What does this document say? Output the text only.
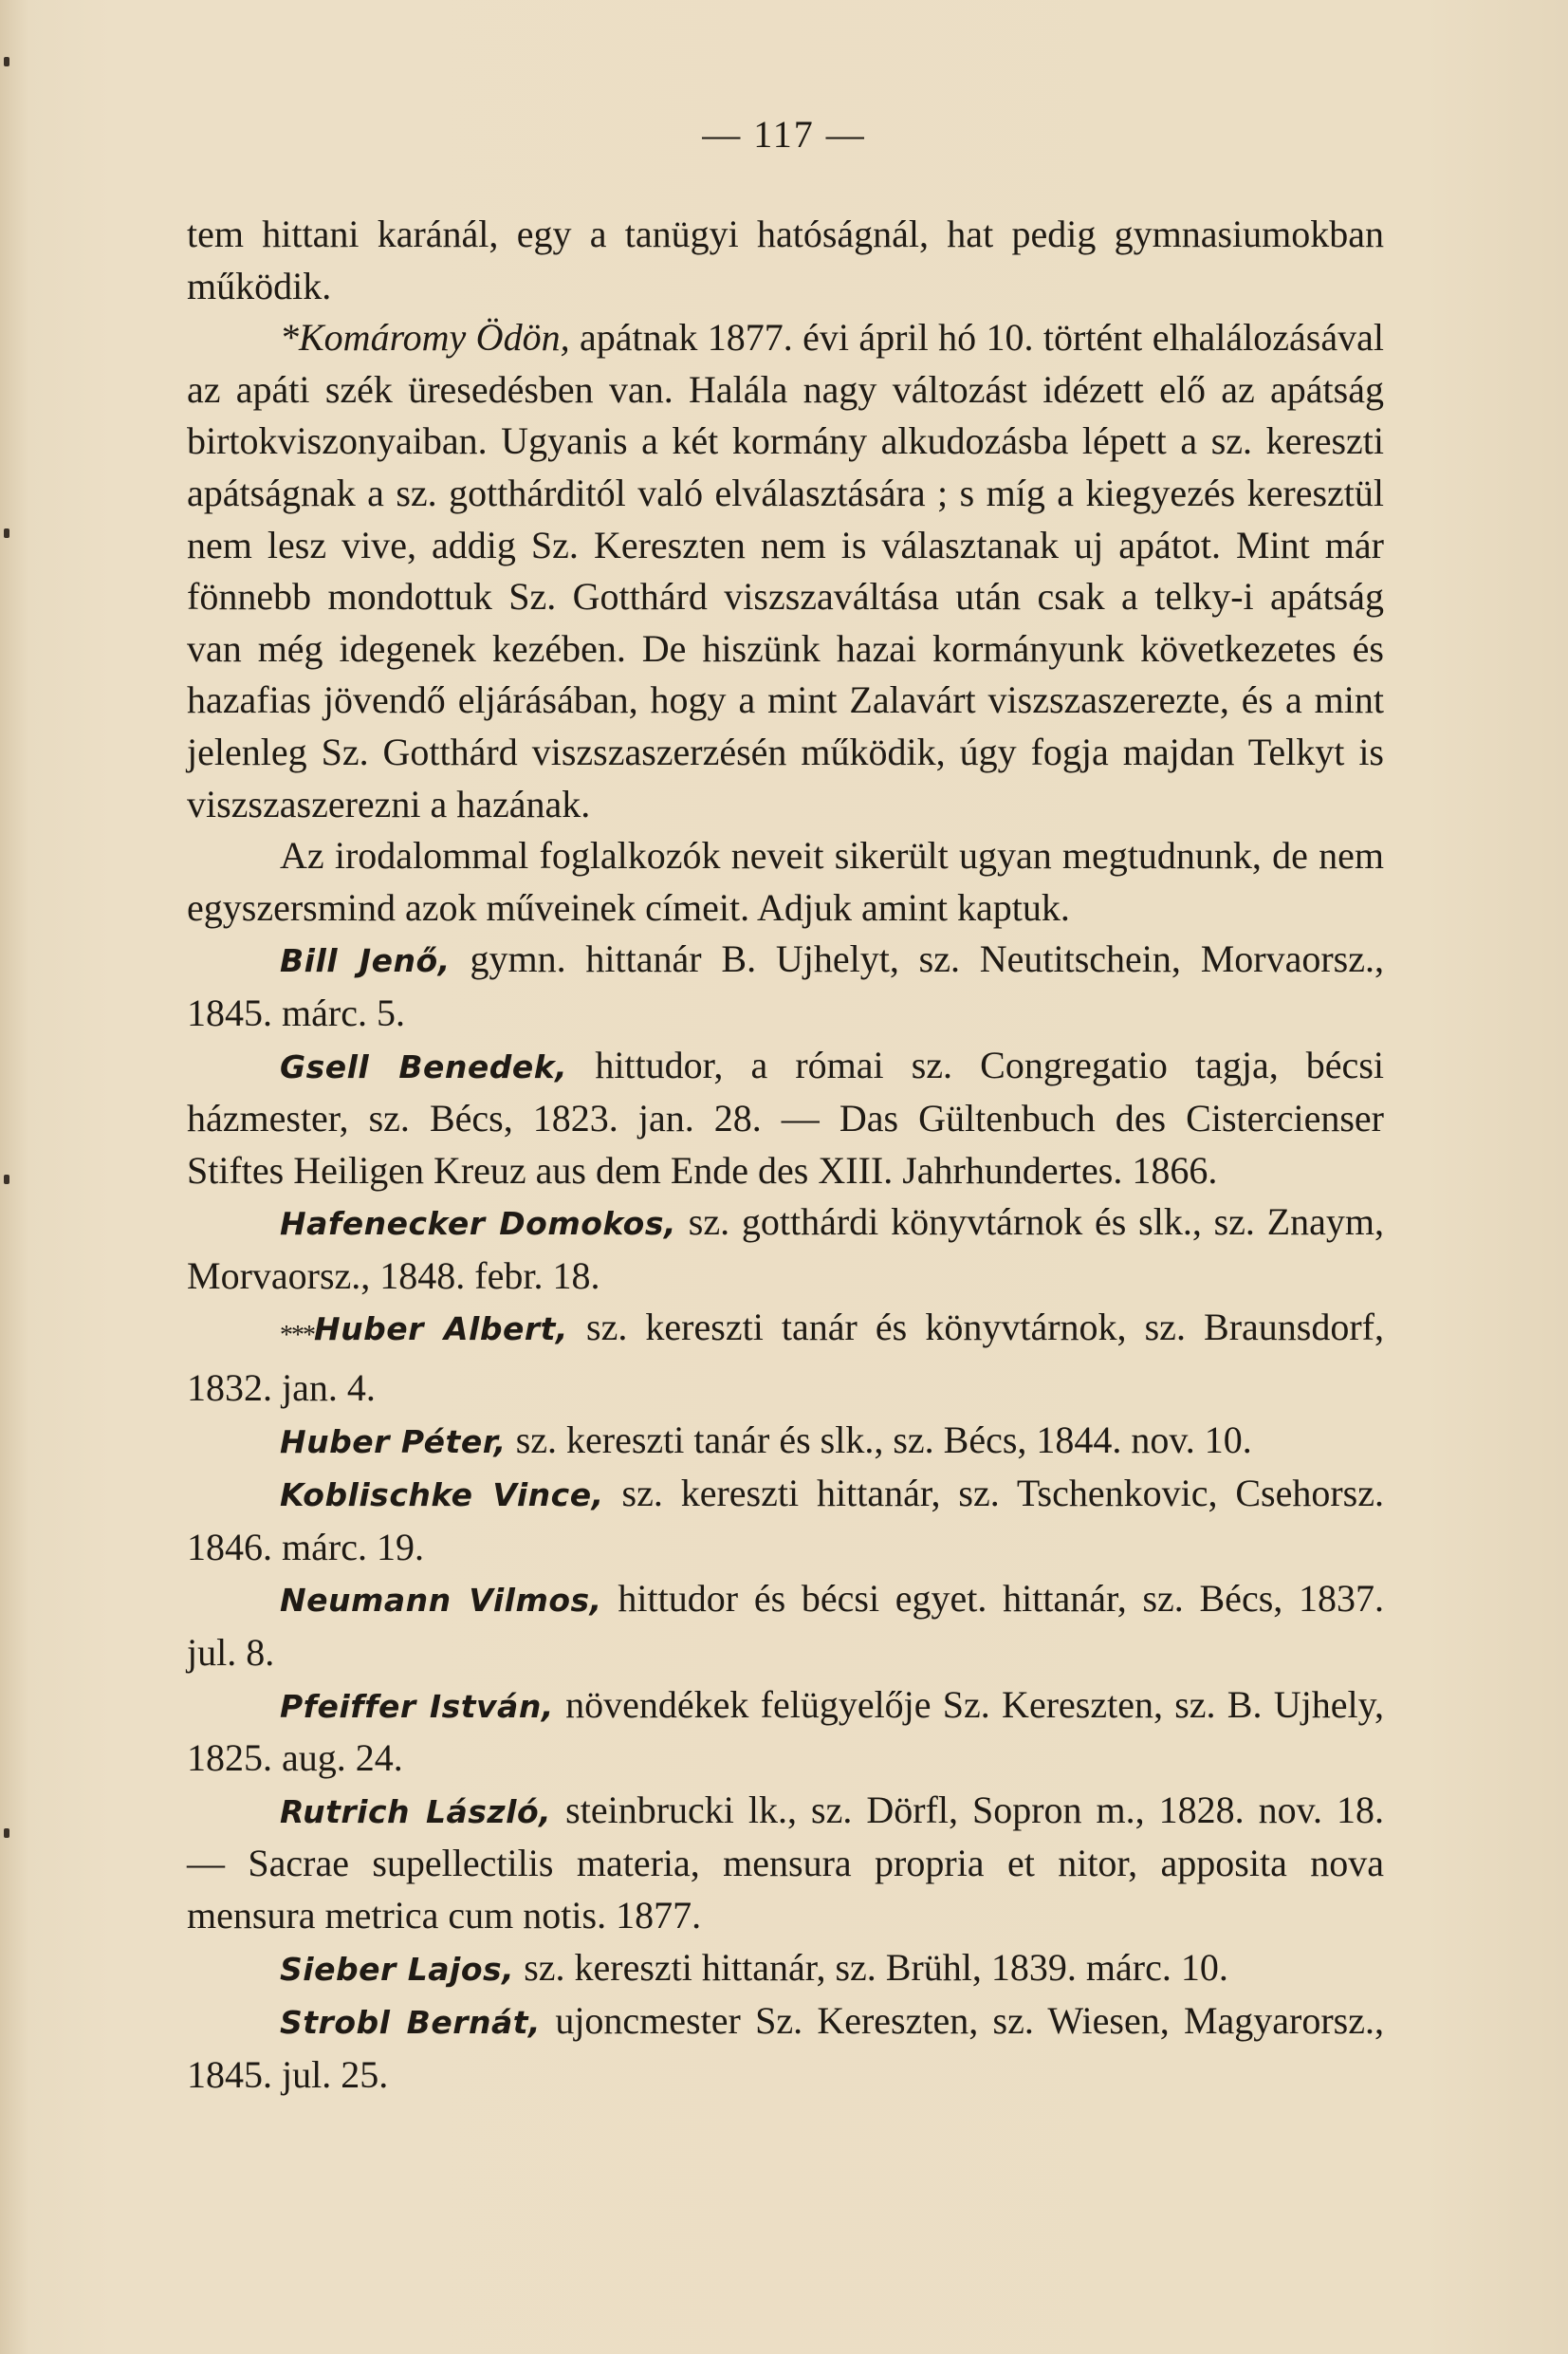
— 117 —

tem hittani karánál, egy a tanügyi hatóságnál, hat pedig gymnasiumokban működik.

*Komáromy Ödön, apátnak 1877. évi ápril hó 10. történt elhalálozásával az apáti szék üresedésben van. Halála nagy változást idézett elő az apátság birtokviszonyaiban. Ugyanis a két kormány alkudozásba lépett a sz. kereszti apátságnak a sz. gotthárditól való elválasztására ; s míg a kiegyezés keresztül nem lesz vive, addig Sz. Kereszten nem is választanak uj apátot. Mint már fönnebb mondottuk Sz. Gotthárd viszszaváltása után csak a telky-i apátság van még idegenek kezében. De hiszünk hazai kormányunk következetes és hazafias jövendő eljárásában, hogy a mint Zalavárt viszszaszerezte, és a mint jelenleg Sz. Gotthárd viszszaszerzésén működik, úgy fogja majdan Telkyt is viszszaszerezni a hazának.

Az irodalommal foglalkozók neveit sikerült ugyan megtudnunk, de nem egyszersmind azok műveinek címeit. Adjuk amint kaptuk.

Bill Jenő, gymn. hittanár B. Ujhelyt, sz. Neutitschein, Morvaorsz., 1845. márc. 5.

Gsell Benedek, hittudor, a római sz. Congregatio tagja, bécsi házmester, sz. Bécs, 1823. jan. 28. — Das Gültenbuch des Cistercienser Stiftes Heiligen Kreuz aus dem Ende des XIII. Jahrhundertes. 1866.

Hafenecker Domokos, sz. gotthárdi könyvtárnok és slk., sz. Znaym, Morvaorsz., 1848. febr. 18.

***Huber Albert, sz. kereszti tanár és könyvtárnok, sz. Braunsdorf, 1832. jan. 4.

Huber Péter, sz. kereszti tanár és slk., sz. Bécs, 1844. nov. 10.

Koblischke Vince, sz. kereszti hittanár, sz. Tschenkovic, Csehorsz. 1846. márc. 19.

Neumann Vilmos, hittudor és bécsi egyet. hittanár, sz. Bécs, 1837. jul. 8.

Pfeiffer István, növendékek felügyelője Sz. Kereszten, sz. B. Ujhely, 1825. aug. 24.

Rutrich László, steinbrucki lk., sz. Dörfl, Sopron m., 1828. nov. 18. — Sacrae supellectilis materia, mensura propria et nitor, apposita nova mensura metrica cum notis. 1877.

Sieber Lajos, sz. kereszti hittanár, sz. Brühl, 1839. márc. 10.

Strobl Bernát, ujoncmester Sz. Kereszten, sz. Wiesen, Magyarorsz., 1845. jul. 25.
